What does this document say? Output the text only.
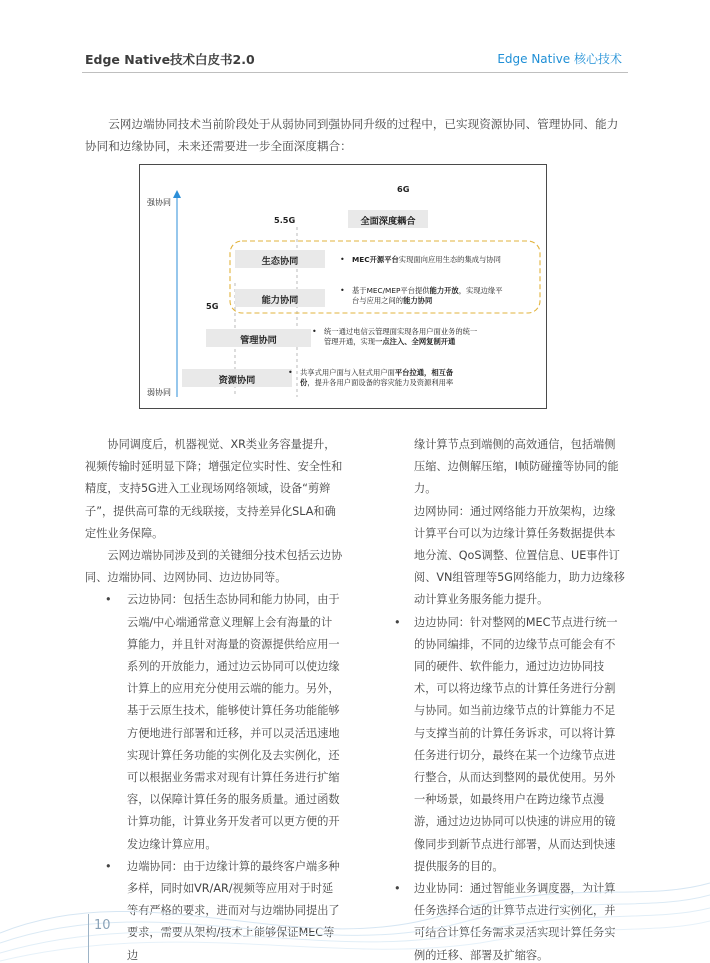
Edge Native技术白皮书2.0	Edge Native 核心技术
云网边端协同技术当前阶段处于从弱协同到强协同升级的过程中，已实现资源协同、管理协同、能力协同和边缘协同，未来还需要进一步全面深度耦合：
强协同
弱协同
6G
5.5G
5G
全面深度耦合
生态协同
能力协同
管理协同
资源协同
• MEC开源平台实现面向应用生态的集成与协同
• 基于MEC/MEP平台提供能力开放，实现边缘平
台与应用之间的能力协同
• 统一通过电信云管理面实现各用户面业务的统一
管理开通，实现一点注入、全网复制开通
• 共享式用户面与入驻式用户面平台拉通，相互备
份，提升各用户面设备的容灾能力及资源利用率
协同调度后，机器视觉、XR类业务容量提升，视频传输时延明显下降；增强定位实时性、安全性和精度，支持5G进入工业现场网络领域，设备“剪辫子”，提供高可靠的无线联接，支持差异化SLA和确定性业务保障。
云网边端协同涉及到的关键细分技术包括云边协同、边端协同、边网协同、边边协同等。
• 云边协同：包括生态协同和能力协同，由于云端/中心端通常意义理解上会有海量的计算能力，并且针对海量的资源提供给应用一系列的开放能力，通过边云协同可以使边缘计算上的应用充分使用云端的能力。另外，基于云原生技术，能够使计算任务功能能够方便地进行部署和迁移，并可以灵活迅速地实现计算任务功能的实例化及去实例化，还可以根据业务需求对现有计算任务进行扩缩容，以保障计算任务的服务质量。通过函数计算功能，计算业务开发者可以更方便的开发边缘计算应用。
• 边端协同：由于边缘计算的最终客户端多种多样，同时如VR/AR/视频等应用对于时延等有严格的要求，进而对与边端协同提出了要求，需要从架构/技术上能够保证MEC等边
缘计算节点到端侧的高效通信，包括端侧压缩、边侧解压缩，I帧防碰撞等协同的能力。
边网协同：通过网络能力开放架构，边缘计算平台可以为边缘计算任务数据提供本地分流、QoS调整、位置信息、UE事件订阅、VN组管理等5G网络能力，助力边缘移动计算业务服务能力提升。
• 边边协同：针对整网的MEC节点进行统一的协同编排，不同的边缘节点可能会有不同的硬件、软件能力，通过边边协同技术，可以将边缘节点的计算任务进行分割与协同。如当前边缘节点的计算能力不足与支撑当前的计算任务诉求，可以将计算任务进行切分，最终在某一个边缘节点进行整合，从而达到整网的最优使用。另外一种场景，如最终用户在跨边缘节点漫游，通过边边协同可以快速的讲应用的镜像同步到新节点进行部署，从而达到快速提供服务的目的。
• 边业协同：通过智能业务调度器，为计算任务选择合适的计算节点进行实例化，并可结合计算任务需求灵活实现计算任务实例的迁移、部署及扩缩容。
10
